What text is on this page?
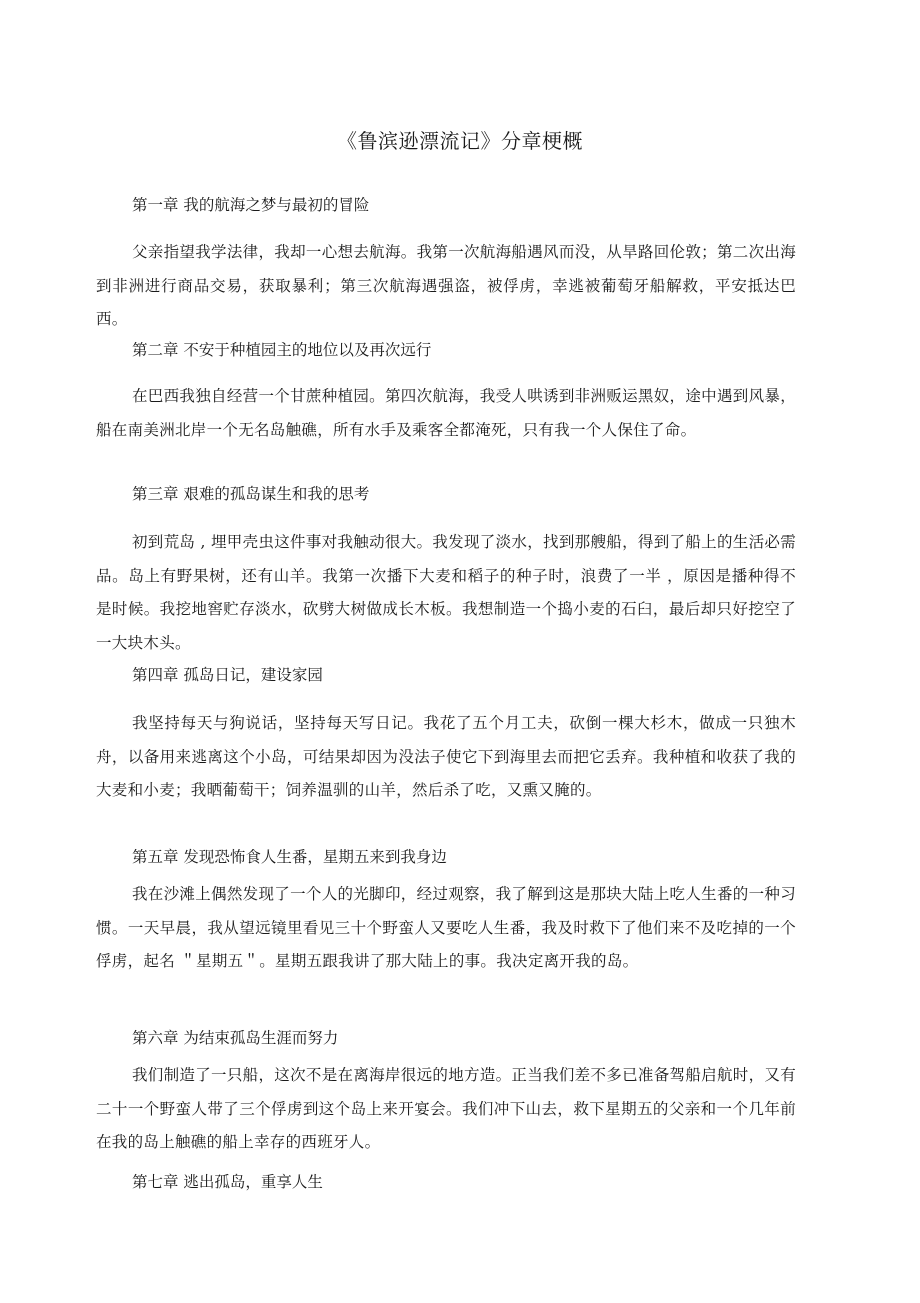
《鲁滨逊漂流记》分章梗概
第一章 我的航海之梦与最初的冒险
父亲指望我学法律，我却一心想去航海。我第一次航海船遇风而没，从旱路回伦敦；第二次出海到非洲进行商品交易，获取暴利；第三次航海遇强盗，被俘虏，幸逃被葡萄牙船解救，平安抵达巴西。
第二章 不安于种植园主的地位以及再次远行
在巴西我独自经营一个甘蔗种植园。第四次航海，我受人哄诱到非洲贩运黑奴，途中遇到风暴， 船在南美洲北岸一个无名岛触礁，所有水手及乘客全都淹死，只有我一个人保住了命。
第三章 艰难的孤岛谋生和我的思考
初到荒岛 , 埋甲壳虫这件事对我触动很大。我发现了淡水，找到那艘船，得到了船上的生活必需品。岛上有野果树，还有山羊。我第一次播下大麦和稻子的种子时，浪费了一半 ，原因是播种得不是时候。我挖地窖贮存淡水，砍劈大树做成长木板。我想制造一个捣小麦的石臼，最后却只好挖空了一大块木头。
第四章 孤岛日记，建设家园
我坚持每天与狗说话，坚持每天写日记。我花了五个月工夫，砍倒一棵大杉木，做成一只独木舟，以备用来逃离这个小岛，可结果却因为没法子使它下到海里去而把它丢弃。我种植和收获了我的大麦和小麦；我晒葡萄干；饲养温驯的山羊，然后杀了吃，又熏又腌的。
第五章 发现恐怖食人生番，星期五来到我身边
我在沙滩上偶然发现了一个人的光脚印，经过观察，我了解到这是那块大陆上吃人生番的一种习惯。一天早晨，我从望远镜里看见三十个野蛮人又要吃人生番，我及时救下了他们来不及吃掉的一个俘虏，起名 ＂星期五＂。星期五跟我讲了那大陆上的事。我决定离开我的岛。
第六章 为结束孤岛生涯而努力
我们制造了一只船，这次不是在离海岸很远的地方造。正当我们差不多已准备驾船启航时，又有二十一个野蛮人带了三个俘虏到这个岛上来开宴会。我们冲下山去，救下星期五的父亲和一个几年前在我的岛上触礁的船上幸存的西班牙人。
第七章 逃出孤岛，重享人生
